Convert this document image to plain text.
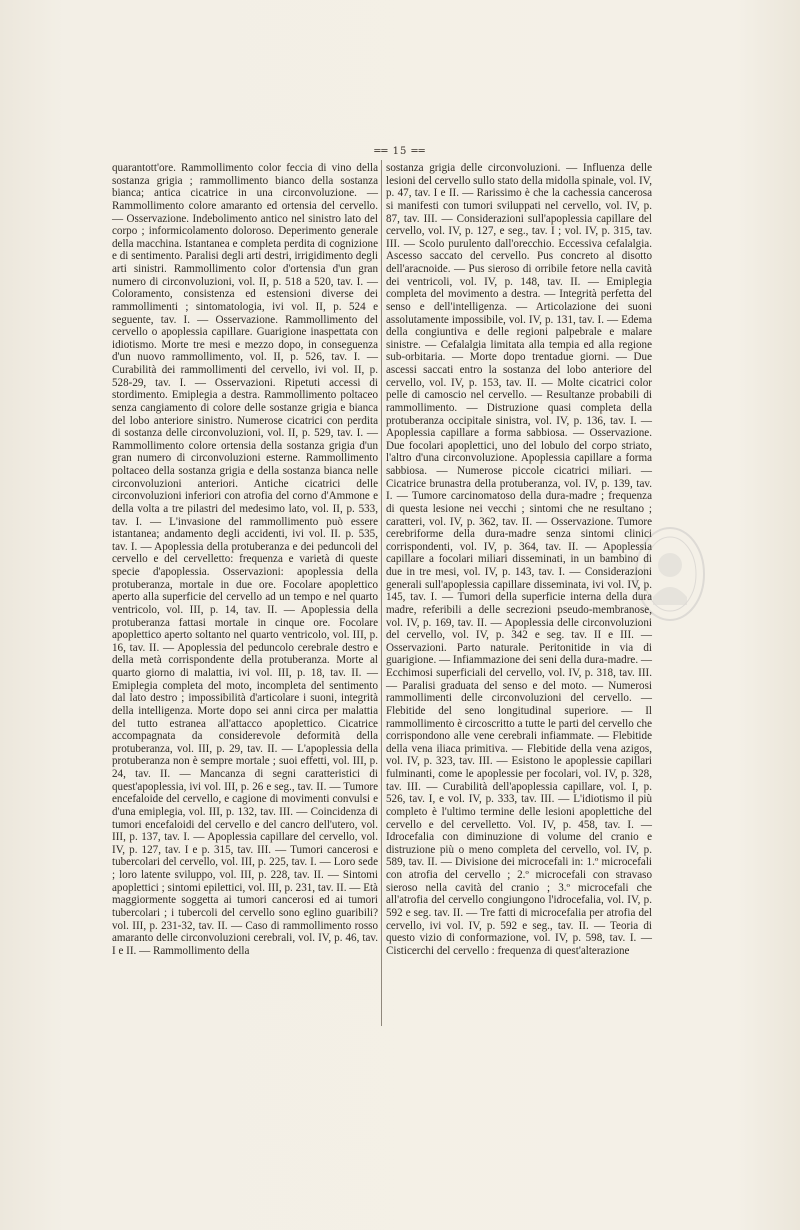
══ 15 ══
quarantott'ore. Rammollimento color feccia di vino della sostanza grigia ; rammollimento bianco della sostanza bianca; antica cicatrice in una circonvoluzione. — Rammollimento colore amaranto ed ortensia del cervello. — Osservazione. Indebolimento antico nel sinistro lato del corpo ; informicolamento doloroso. Deperimento generale della macchina. Istantanea e completa perdita di cognizione e di sentimento. Paralisi degli arti destri, irrigidimento degli arti sinistri. Rammollimento color d'ortensia d'un gran numero di circonvoluzioni, vol. II, p. 518 a 520, tav. I. — Coloramento, consistenza ed estensioni diverse dei rammollimenti ; sintomatologia, ivi vol. II, p. 524 e seguente, tav. I. — Osservazione. Rammollimento del cervello o apoplessia capillare. Guarigione inaspettata con idiotismo. Morte tre mesi e mezzo dopo, in conseguenza d'un nuovo rammollimento, vol. II, p. 526, tav. I. — Curabilità dei rammollimenti del cervello, ivi vol. II, p. 528-29, tav. I. — Osservazioni. Ripetuti accessi di stordimento. Emiplegia a destra. Rammollimento poltaceo senza cangiamento di colore delle sostanze grigia e bianca del lobo anteriore sinistro. Numerose cicatrici con perdita di sostanza delle circonvoluzioni, vol. II, p. 529, tav. I. — Rammollimento colore ortensia della sostanza grigia d'un gran numero di circonvoluzioni esterne. Rammollimento poltaceo della sostanza grigia e della sostanza bianca nelle circonvoluzioni anteriori. Antiche cicatrici delle circonvoluzioni inferiori con atrofia del corno d'Ammone e della volta a tre pilastri del medesimo lato, vol. II, p. 533, tav. I. — L'invasione del rammollimento può essere istantanea; andamento degli accidenti, ivi vol. II. p. 535, tav. I. — Apoplessia della protuberanza e dei peduncoli del cervello e del cervelletto: frequenza e varietà di queste specie d'apoplessia. Osservazioni: apoplessia della protuberanza, mortale in due ore. Focolare apoplettico aperto alla superficie del cervello ad un tempo e nel quarto ventricolo, vol. III, p. 14, tav. II. — Apoplessia della protuberanza fattasi mortale in cinque ore. Focolare apoplettico aperto soltanto nel quarto ventricolo, vol. III, p. 16, tav. II. — Apoplessia del peduncolo cerebrale destro e della metà corrispondente della protuberanza. Morte al quarto giorno di malattia, ivi vol. III, p. 18, tav. II. — Emiplegia completa del moto, incompleta del sentimento dal lato destro ; impossibilità d'articolare i suoni, integrità della intelligenza. Morte dopo sei anni circa per malattia del tutto estranea all'attacco apoplettico. Cicatrice accompagnata da considerevole deformità della protuberanza, vol. III, p. 29, tav. II. — L'apoplessia della protuberanza non è sempre mortale ; suoi effetti, vol. III, p. 24, tav. II. — Mancanza di segni caratteristici di quest'apoplessia, ivi vol. III, p. 26 e seg., tav. II. — Tumore encefaloide del cervello, e cagione di movimenti convulsi e d'una emiplegia, vol. III, p. 132, tav. III. — Coincidenza di tumori encefaloidi del cervello e del cancro dell'utero, vol. III, p. 137, tav. I. — Apoplessia capillare del cervello, vol. IV, p. 127, tav. I e p. 315, tav. III. — Tumori cancerosi e tubercolari del cervello, vol. III, p. 225, tav. I. — Loro sede ; loro latente sviluppo, vol. III, p. 228, tav. II. — Sintomi apoplettici ; sintomi epilettici, vol. III, p. 231, tav. II. — Età maggiormente soggetta ai tumori cancerosi ed ai tumori tubercolari ; i tubercoli del cervello sono eglino guaribili? vol. III, p. 231-32, tav. II. — Caso di rammollimento rosso amaranto delle circonvoluzioni cerebrali, vol. IV, p. 46, tav. I e II. — Rammollimento della
sostanza grigia delle circonvoluzioni. — Influenza delle lesioni del cervello sullo stato della midolla spinale, vol. IV, p. 47, tav. I e II. — Rarissimo è che la cachessia cancerosa si manifesti con tumori sviluppati nel cervello, vol. IV, p. 87, tav. III. — Considerazioni sull'apoplessia capillare del cervello, vol. IV, p. 127, e seg., tav. I ; vol. IV, p. 315, tav. III. — Scolo purulento dall'orecchio. Eccessiva cefalalgia. Ascesso saccato del cervello. Pus concreto al disotto dell'aracnoide. — Pus sieroso di orribile fetore nella cavità dei ventricoli, vol. IV, p. 148, tav. II. — Emiplegia completa del movimento a destra. — Integrità perfetta del senso e dell'intelligenza. — Articolazione dei suoni assolutamente impossibile, vol. IV, p. 131, tav. I. — Edema della congiuntiva e delle regioni palpebrale e malare sinistre. — Cefalalgia limitata alla tempia ed alla regione sub-orbitaria. — Morte dopo trentadue giorni. — Due ascessi saccati entro la sostanza del lobo anteriore del cervello, vol. IV, p. 153, tav. II. — Molte cicatrici color pelle di camoscio nel cervello. — Resultanze probabili di rammollimento. — Distruzione quasi completa della protuberanza occipitale sinistra, vol. IV, p. 136, tav. I. — Apoplessia capillare a forma sabbiosa. — Osservazione. Due focolari apoplettici, uno del lobulo del corpo striato, l'altro d'una circonvoluzione. Apoplessia capillare a forma sabbiosa. — Numerose piccole cicatrici miliari. — Cicatrice brunastra della protuberanza, vol. IV, p. 139, tav. I. — Tumore carcinomatoso della dura-madre ; frequenza di questa lesione nei vecchi ; sintomi che ne resultano ; caratteri, vol. IV, p. 362, tav. II. — Osservazione. Tumore cerebriforme della dura-madre senza sintomi clinici corrispondenti, vol. IV, p. 364, tav. II. — Apoplessia capillare a focolari miliari disseminati, in un bambino di due in tre mesi, vol. IV, p. 143, tav. I. — Considerazioni generali sull'apoplessia capillare disseminata, ivi vol. IV, p. 145, tav. I. — Tumori della superficie interna della dura madre, referibili a delle secrezioni pseudo-membranose, vol. IV, p. 169, tav. II. — Apoplessia delle circonvoluzioni del cervello, vol. IV, p. 342 e seg. tav. II e III. — Osservazioni. Parto naturale. Peritonitide in via di guarigione. — Infiammazione dei seni della dura-madre. — Ecchimosi superficiali del cervello, vol. IV, p. 318, tav. III. — Paralisi graduata del senso e del moto. — Numerosi rammollimenti delle circonvoluzioni del cervello. — Flebitide del seno longitudinal superiore. — Il rammollimento è circoscritto a tutte le parti del cervello che corrispondono alle vene cerebrali infiammate. — Flebitide della vena iliaca primitiva. — Flebitide della vena azigos, vol. IV, p. 323, tav. III. — Esistono le apoplessie capillari fulminanti, come le apoplessie per focolari, vol. IV, p. 328, tav. III. — Curabilità dell'apoplessia capillare, vol. I, p. 526, tav. I, e vol. IV, p. 333, tav. III. — L'idiotismo il più completo è l'ultimo termine delle lesioni apoplettiche del cervello e del cervelletto. Vol. IV, p. 458, tav. I. — Idrocefalia con diminuzione di volume del cranio e distruzione più o meno completa del cervello, vol. IV, p. 589, tav. II. — Divisione dei microcefali in: 1.º microcefali con atrofia del cervello ; 2.º microcefali con stravaso sieroso nella cavità del cranio ; 3.º microcefali che all'atrofia del cervello congiungono l'idrocefalia, vol. IV, p. 592 e seg. tav. II. — Tre fatti di microcefalia per atrofia del cervello, ivi vol. IV, p. 592 e seg., tav. II. — Teoria di questo vizio di conformazione, vol. IV, p. 598, tav. I. — Cisticerchi del cervello : frequenza di quest'alterazione
